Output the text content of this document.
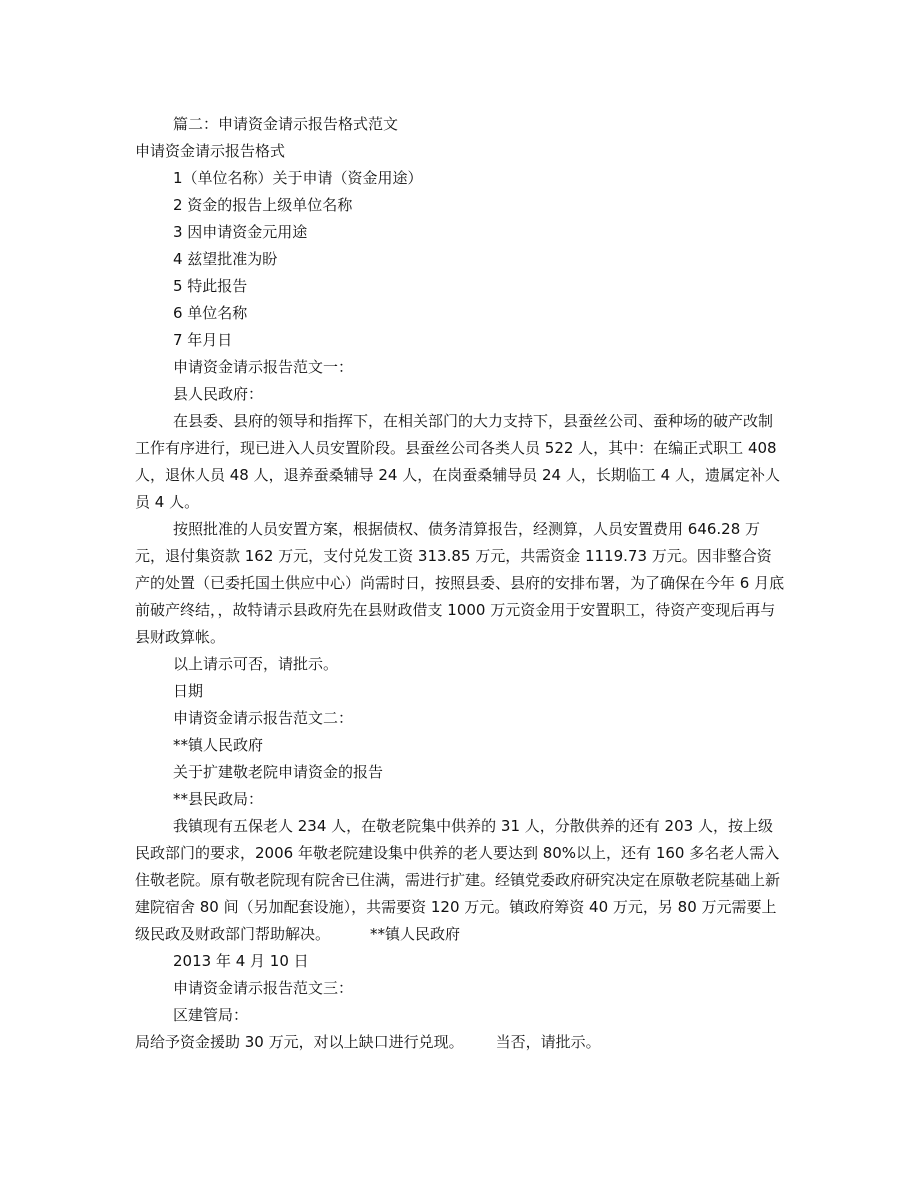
篇二：申请资金请示报告格式范文
申请资金请示报告格式
1（单位名称）关于申请（资金用途）
2 资金的报告上级单位名称
3 因申请资金元用途
4 兹望批准为盼
5 特此报告
6 单位名称
7 年月日
申请资金请示报告范文一：
县人民政府：
在县委、县府的领导和指挥下，在相关部门的大力支持下，县蚕丝公司、蚕种场的破产改制工作有序进行，现已进入人员安置阶段。县蚕丝公司各类人员 522 人，其中：在编正式职工 408 人，退休人员 48 人，退养蚕桑辅导 24 人，在岗蚕桑辅导员 24 人，长期临工 4 人，遗属定补人员 4 人。
按照批准的人员安置方案，根据债权、债务清算报告，经测算，人员安置费用 646.28 万元，退付集资款 162 万元，支付兑发工资 313.85 万元，共需资金 1119.73 万元。因非整合资产的处置（已委托国土供应中心）尚需时日，按照县委、县府的安排布署，为了确保在今年 6 月底前破产终结，，故特请示县政府先在县财政借支 1000 万元资金用于安置职工，待资产变现后再与县财政算帐。
以上请示可否，请批示。
日期
申请资金请示报告范文二：
**镇人民政府
关于扩建敬老院申请资金的报告
**县民政局：
我镇现有五保老人 234 人，在敬老院集中供养的 31 人，分散供养的还有 203 人，按上级民政部门的要求，2006 年敬老院建设集中供养的老人要达到 80%以上，还有 160 多名老人需入住敬老院。原有敬老院现有院舍已住满，需进行扩建。经镇党委政府研究决定在原敬老院基础上新建院宿舍 80 间（另加配套设施），共需要资 120 万元。镇政府筹资 40 万元，另 80 万元需要上级民政及财政部门帮助解决。	**镇人民政府
2013 年 4 月 10 日
申请资金请示报告范文三：
区建管局：
局给予资金援助 30 万元，对以上缺口进行兑现。 当否，请批示。
